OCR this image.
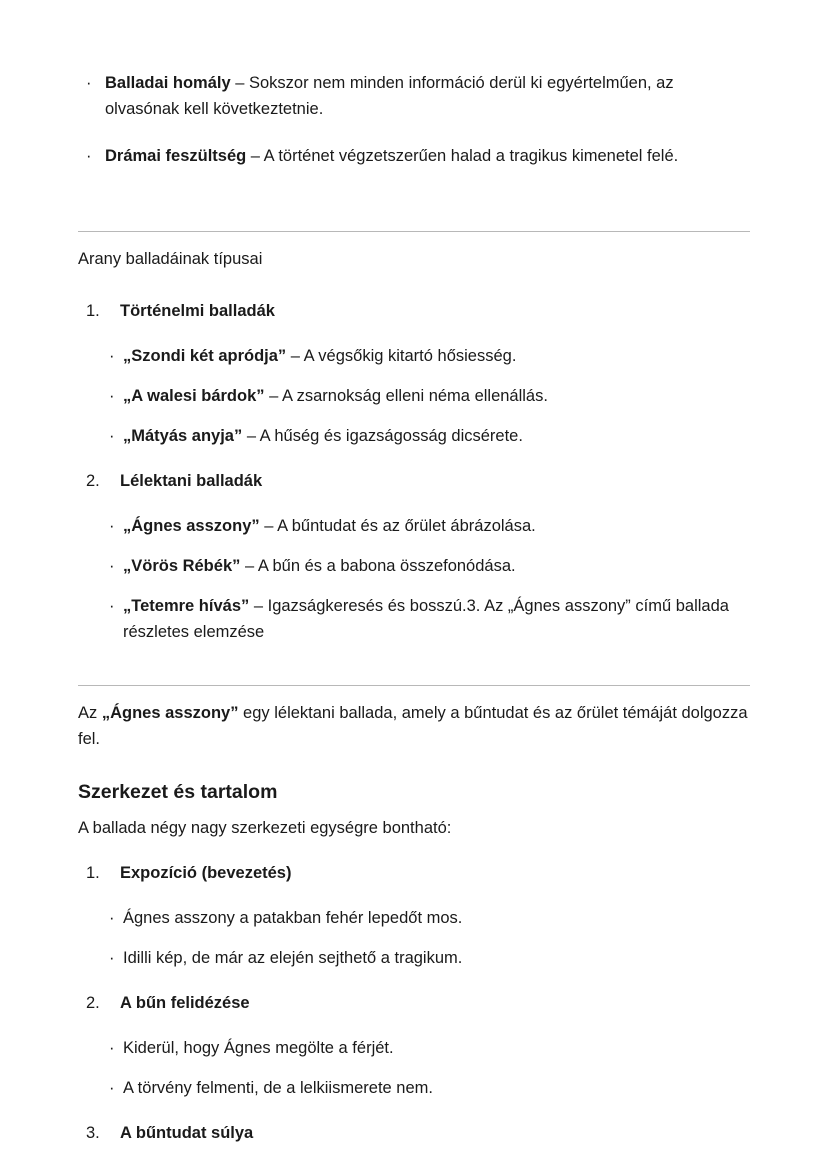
· Balladai homály – Sokszor nem minden információ derül ki egyértelműen, az olvasónak kell következtetnie.
· Drámai feszültség – A történet végzetszerűen halad a tragikus kimenetel felé.

Arany balladáinak típusai

1.	Történelmi balladák
· „Szondi két apródja” – A végsőkig kitartó hősiesség.
· „A walesi bárdok” – A zsarnokság elleni néma ellenállás.
· „Mátyás anyja” – A hűség és igazságosság dicsérete.
2.	Lélektani balladák
· „Ágnes asszony” – A bűntudat és az őrület ábrázolása.
· „Vörös Rébék” – A bűn és a babona összefonódása.
· „Tetemre hívás” – Igazságkeresés és bosszú.3. Az „Ágnes asszony” című ballada részletes elemzése

Az „Ágnes asszony” egy lélektani ballada, amely a bűntudat és az őrület témáját dolgozza fel.

Szerkezet és tartalom

A ballada négy nagy szerkezeti egységre bontható:

1.	Expozíció (bevezetés)
· Ágnes asszony a patakban fehér lepedőt mos.
· Idilli kép, de már az elején sejthető a tragikum.
2.	A bűn felidézése
· Kiderül, hogy Ágnes megölte a férjét.
· A törvény felmenti, de a lelkiismerete nem.
3.	A bűntudat súlya
